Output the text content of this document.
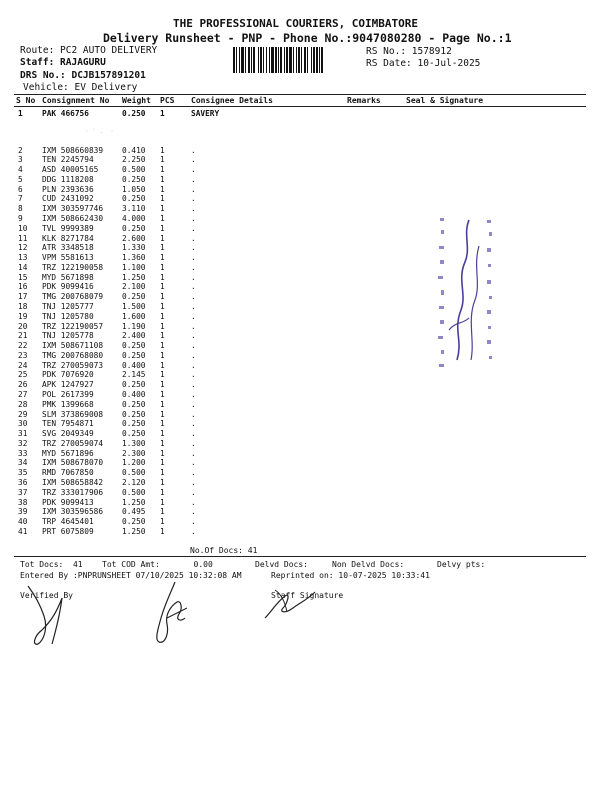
THE PROFESSIONAL COURIERS, COIMBATORE
Delivery Runsheet - PNP - Phone No.:9047080280 - Page No.:1
Route: PC2 AUTO DELIVERY
Staff: RAJAGURU
DRS No.: DCJB157891201
Vehicle: EV Delivery
RS No.: 1578912
RS Date: 10-Jul-2025
S No Consignment No Weight PCS Consignee Details	Remarks	Seal & Signature
1 PAK 466756	0.250 1	SAVERY
2 IXM 508660839 0.410 1	.
3 TEN 2245794	2.250 1	.
4 ASD 40005165	0.500 1	.
5 DDG 1118208	0.250 1	.
6 PLN 2393636	1.050 1	.
7 CUD 2431092	0.250 1	.
8 IXM 303597746 3.110 1	.
9 IXM 508662430 4.000 1	.
10 TVL 9999389	0.250 1	.
11 KLK 8271784	2.600 1	.
12 ATR 3348518	1.330 1	.
13 VPM 5581613	1.360 1	.
14 TRZ 122190058 1.100 1	.
15 MYD 5671898	1.250 1	.
16 PDK 9099416	2.100 1	.
17 TMG 200768079 0.250 1	.
18 TNJ 1205777	1.500 1	.
19 TNJ 1205780	1.600 1	.
20 TRZ 122190057 1.190 1	.
21 TNJ 1205778	2.400 1	.
22 IXM 508671108 0.250 1	.
23 TMG 200768080 0.250 1	.
24 TRZ 270059073 0.400 1	.
25 PDK 7076920	2.145 1	.
26 APK 1247927	0.250 1	.
27 POL 2617399	0.400 1	.
28 PMK 1399668	0.250 1	.
29 SLM 373869008 0.250 1	.
30 TEN 7954871	0.250 1	.
31 SVG 2049349	0.250 1	.
32 TRZ 270059074 1.300 1	.
33 MYD 5671896	2.300 1	.
34 IXM 508678070 1.200 1	.
35 RMD 7067850	0.500 1	.
36 IXM 508658842 2.120 1	.
37 TRZ 333017906 0.500 1	.
38 PDK 9099413	1.250 1	.
39 IXM 303596586 0.495 1	.
40 TRP 4645401	0.250 1	.
41 PRT 6075809	1.250 1	.
· ' .  ·
No.Of Docs: 41
Tot Docs:  41 Tot COD Amt:       0.00	Delvd Docs:	Non Delvd Docs:	Delvy pts:
Entered By :PNPRUNSHEET 07/10/2025 10:32:08 AM	Reprinted on: 10-07-2025 10:33:41
Verified By	Staff Signature
